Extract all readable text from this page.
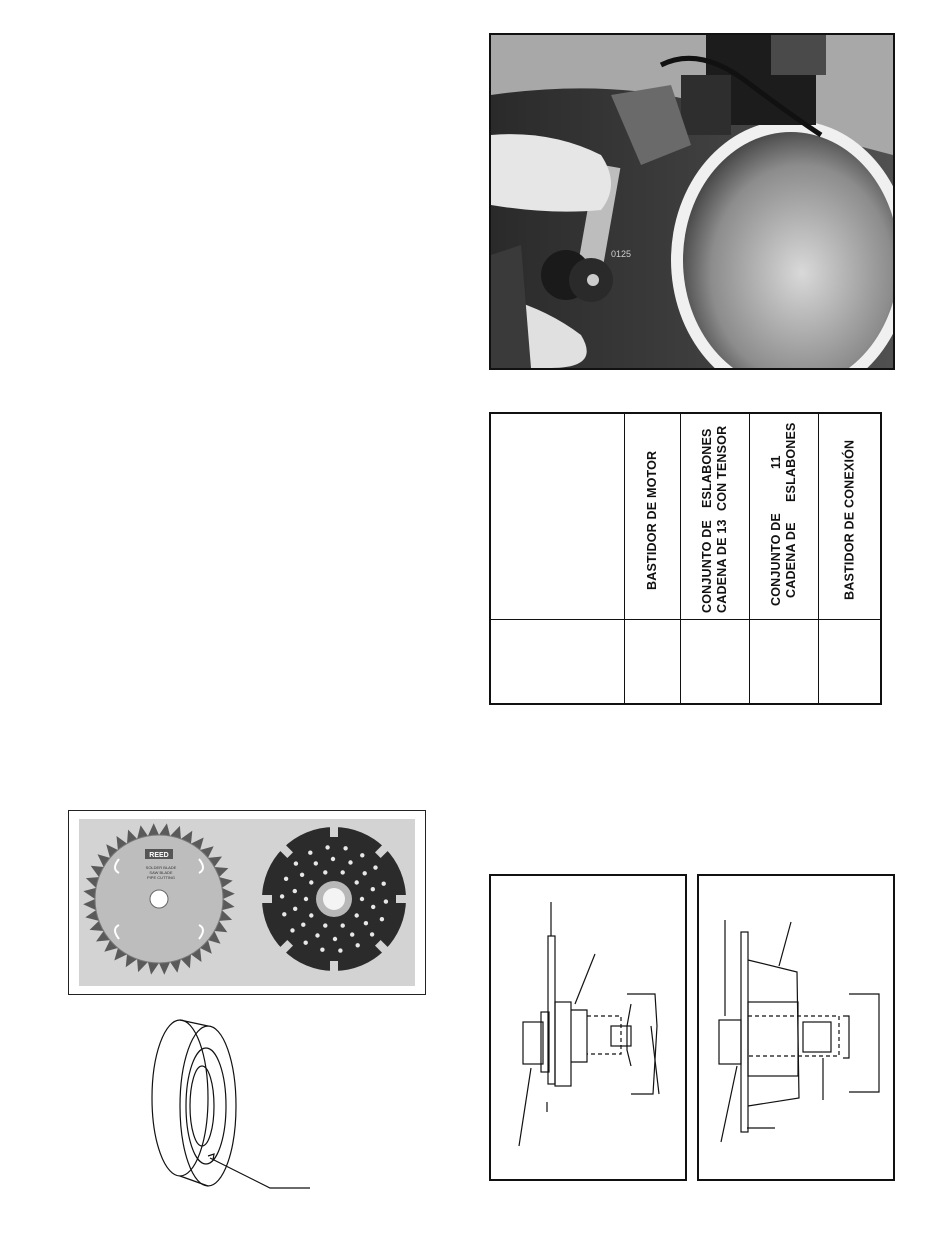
0125
BASTIDOR DE MOTOR	CONJUNTO DE CADENA DE 13
ESLABONES CON TENSOR
CONJUNTO DE CADENA DE
11 ESLABONES	BASTIDOR DE CONEXIÓN
REED
SOLDER BLADE
SAW BLADE
PIPE CUTTING
